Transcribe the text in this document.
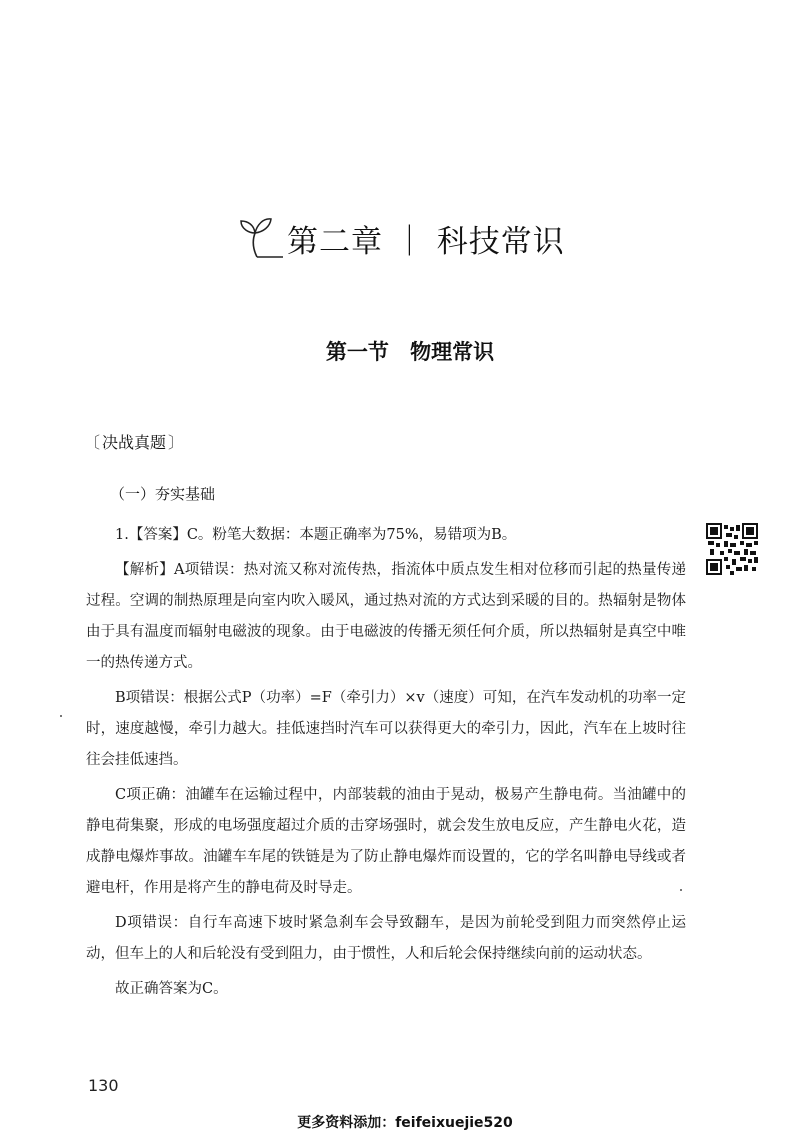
第二章 ｜ 科技常识
第一节 物理常识
〔 决战真题 〕
（一）夯实基础

1.【答案】C。粉笔大数据：本题正确率为75%，易错项为B。

【解析】A项错误：热对流又称对流传热，指流体中质点发生相对位移而引起的热量传递过程。空调的制热原理是向室内吹入暖风，通过热对流的方式达到采暖的目的。热辐射是物体由于具有温度而辐射电磁波的现象。由于电磁波的传播无须任何介质，所以热辐射是真空中唯一的热传递方式。

B项错误：根据公式P（功率）=F（牵引力）×v（速度）可知，在汽车发动机的功率一定时，速度越慢，牵引力越大。挂低速挡时汽车可以获得更大的牵引力，因此，汽车在上坡时往往会挂低速挡。

C项正确：油罐车在运输过程中，内部装载的油由于晃动，极易产生静电荷。当油罐中的静电荷集聚，形成的电场强度超过介质的击穿场强时，就会发生放电反应，产生静电火花，造成静电爆炸事故。油罐车车尾的铁链是为了防止静电爆炸而设置的，它的学名叫静电导线或者避电杆，作用是将产生的静电荷及时导走。

D项错误：自行车高速下坡时紧急刹车会导致翻车，是因为前轮受到阻力而突然停止运动，但车上的人和后轮没有受到阻力，由于惯性，人和后轮会保持继续向前的运动状态。

故正确答案为C。

130
更多资料添加：feifeixuejie520
